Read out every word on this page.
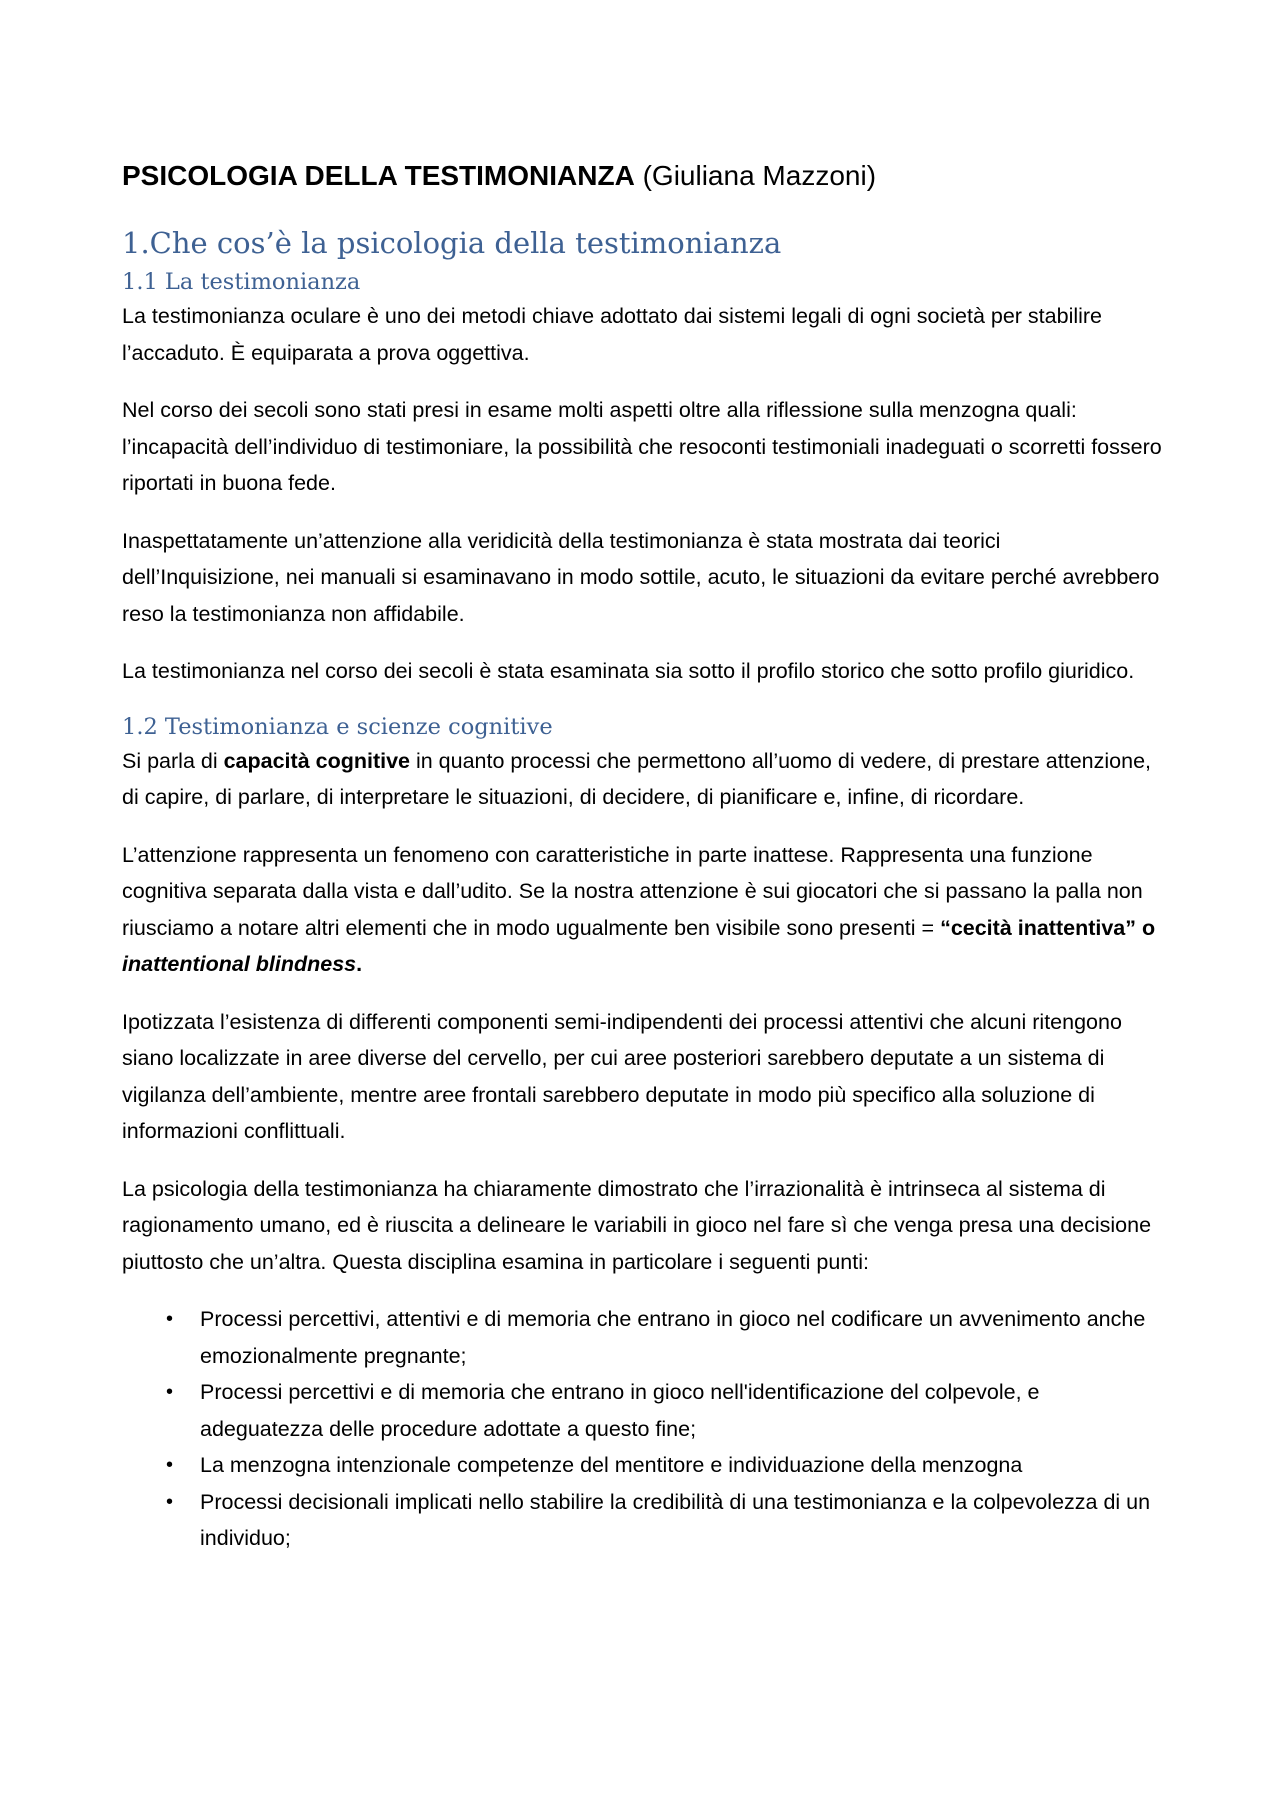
PSICOLOGIA DELLA TESTIMONIANZA (Giuliana Mazzoni)
1.Che cos’è la psicologia della testimonianza
1.1 La testimonianza

La testimonianza oculare è uno dei metodi chiave adottato dai sistemi legali di ogni società per stabilire l’accaduto. È equiparata a prova oggettiva.

Nel corso dei secoli sono stati presi in esame molti aspetti oltre alla riflessione sulla menzogna quali: l’incapacità dell’individuo di testimoniare, la possibilità che resoconti testimoniali inadeguati o scorretti fossero riportati in buona fede.

Inaspettatamente un’attenzione alla veridicità della testimonianza è stata mostrata dai teorici dell’Inquisizione, nei manuali si esaminavano in modo sottile, acuto, le situazioni da evitare perché avrebbero reso la testimonianza non affidabile.

La testimonianza nel corso dei secoli è stata esaminata sia sotto il profilo storico che sotto profilo giuridico.

1.2 Testimonianza e scienze cognitive

Si parla di capacità cognitive in quanto processi che permettono all’uomo di vedere, di prestare attenzione, di capire, di parlare, di interpretare le situazioni, di decidere, di pianificare e, infine, di ricordare.

L’attenzione rappresenta un fenomeno con caratteristiche in parte inattese. Rappresenta una funzione cognitiva separata dalla vista e dall’udito. Se la nostra attenzione è sui giocatori che si passano la palla non riusciamo a notare altri elementi che in modo ugualmente ben visibile sono presenti = “cecità inattentiva” o inattentional blindness.

Ipotizzata l’esistenza di differenti componenti semi-indipendenti dei processi attentivi che alcuni ritengono siano localizzate in aree diverse del cervello, per cui aree posteriori sarebbero deputate a un sistema di vigilanza dell’ambiente, mentre aree frontali sarebbero deputate in modo più specifico alla soluzione di informazioni conflittuali.

La psicologia della testimonianza ha chiaramente dimostrato che l’irrazionalità è intrinseca al sistema di ragionamento umano, ed è riuscita a delineare le variabili in gioco nel fare sì che venga presa una decisione piuttosto che un’altra. Questa disciplina esamina in particolare i seguenti punti:

• Processi percettivi, attentivi e di memoria che entrano in gioco nel codificare un avvenimento anche emozionalmente pregnante;
• Processi percettivi e di memoria che entrano in gioco nell'identificazione del colpevole, e adeguatezza delle procedure adottate a questo fine;
• La menzogna intenzionale competenze del mentitore e individuazione della menzogna
• Processi decisionali implicati nello stabilire la credibilità di una testimonianza e la colpevolezza di un individuo;
